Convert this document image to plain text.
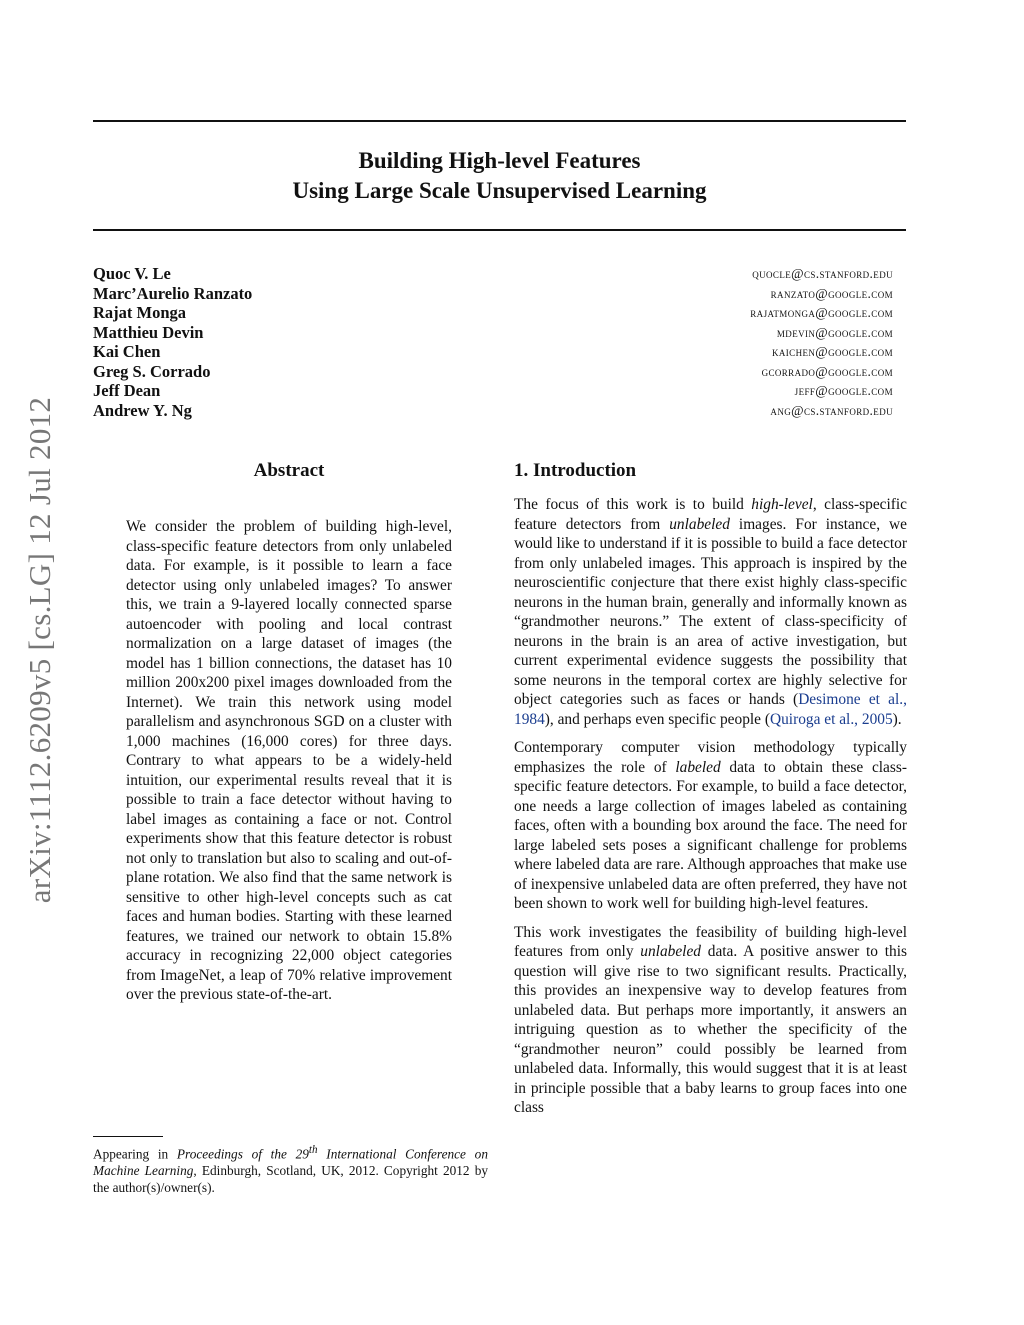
arXiv:1112.6209v5 [cs.LG] 12 Jul 2012
Building High-level Features
Using Large Scale Unsupervised Learning
Quoc V. Le	quocle@cs.stanford.edu
Marc’Aurelio Ranzato	ranzato@google.com
Rajat Monga	rajatmonga@google.com
Matthieu Devin	mdevin@google.com
Kai Chen	kaichen@google.com
Greg S. Corrado	gcorrado@google.com
Jeff Dean	jeff@google.com
Andrew Y. Ng	ang@cs.stanford.edu
Abstract
We consider the problem of building high-level, class-specific feature detectors from only unlabeled data. For example, is it possible to learn a face detector using only unlabeled images? To answer this, we train a 9-layered locally connected sparse autoencoder with pooling and local contrast normalization on a large dataset of images (the model has 1 billion connections, the dataset has 10 million 200x200 pixel images downloaded from the Internet). We train this network using model parallelism and asynchronous SGD on a cluster with 1,000 machines (16,000 cores) for three days. Contrary to what appears to be a widely-held intuition, our experimental results reveal that it is possible to train a face detector without having to label images as containing a face or not. Control experiments show that this feature detector is robust not only to translation but also to scaling and out-of-plane rotation. We also find that the same network is sensitive to other high-level concepts such as cat faces and human bodies. Starting with these learned features, we trained our network to obtain 15.8% accuracy in recognizing 22,000 object categories from ImageNet, a leap of 70% relative improvement over the previous state-of-the-art.
1. Introduction

The focus of this work is to build high-level, class-specific feature detectors from unlabeled images. For instance, we would like to understand if it is possible to build a face detector from only unlabeled images. This approach is inspired by the neuroscientific conjecture that there exist highly class-specific neurons in the human brain, generally and informally known as “grandmother neurons.” The extent of class-specificity of neurons in the brain is an area of active investigation, but current experimental evidence suggests the possibility that some neurons in the temporal cortex are highly selective for object categories such as faces or hands (Desimone et al., 1984), and perhaps even specific people (Quiroga et al., 2005).

Contemporary computer vision methodology typically emphasizes the role of labeled data to obtain these class-specific feature detectors. For example, to build a face detector, one needs a large collection of images labeled as containing faces, often with a bounding box around the face. The need for large labeled sets poses a significant challenge for problems where labeled data are rare. Although approaches that make use of inexpensive unlabeled data are often preferred, they have not been shown to work well for building high-level features.

This work investigates the feasibility of building high-level features from only unlabeled data. A positive answer to this question will give rise to two significant results. Practically, this provides an inexpensive way to develop features from unlabeled data. But perhaps more importantly, it answers an intriguing question as to whether the specificity of the “grandmother neuron” could possibly be learned from unlabeled data. Informally, this would suggest that it is at least in principle possible that a baby learns to group faces into one class

Appearing in Proceedings of the 29th International Conference on Machine Learning, Edinburgh, Scotland, UK, 2012. Copyright 2012 by the author(s)/owner(s).
